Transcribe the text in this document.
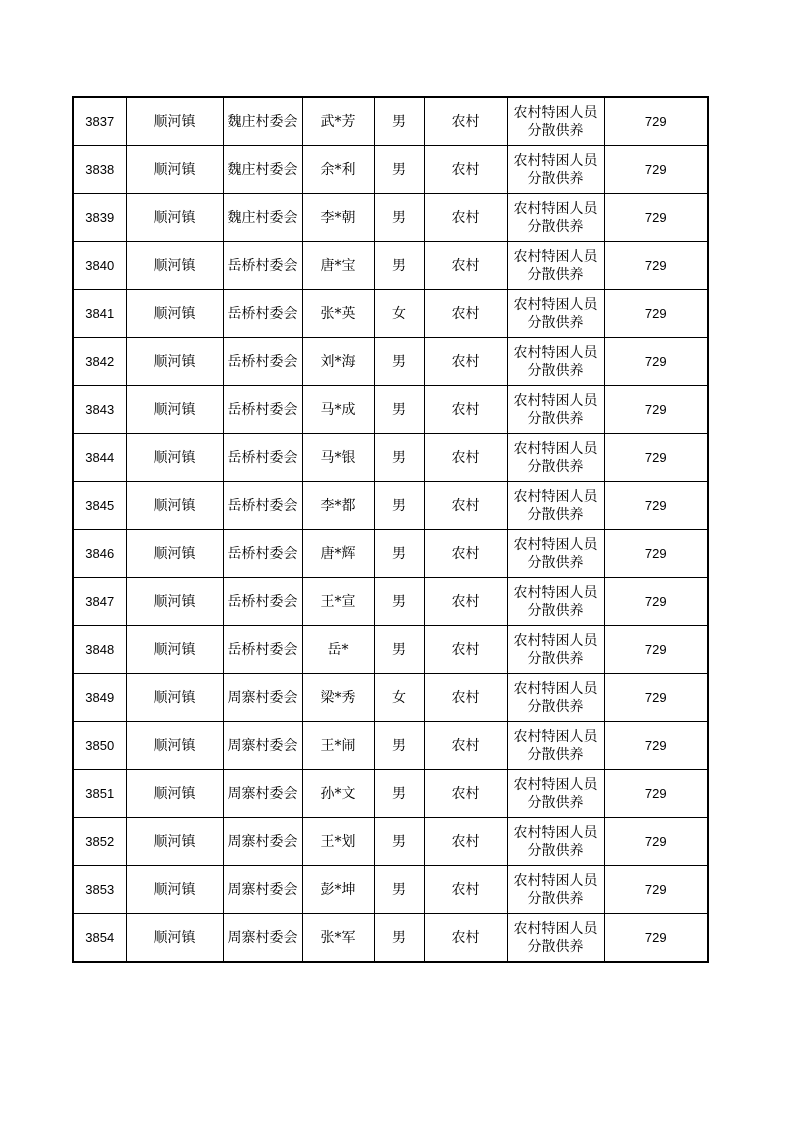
3837	顺河镇	魏庄村委会	武*芳	男	农村	农村特困人员分散供养	729
3838	顺河镇	魏庄村委会	余*利	男	农村	农村特困人员分散供养	729
3839	顺河镇	魏庄村委会	李*朝	男	农村	农村特困人员分散供养	729
3840	顺河镇	岳桥村委会	唐*宝	男	农村	农村特困人员分散供养	729
3841	顺河镇	岳桥村委会	张*英	女	农村	农村特困人员分散供养	729
3842	顺河镇	岳桥村委会	刘*海	男	农村	农村特困人员分散供养	729
3843	顺河镇	岳桥村委会	马*成	男	农村	农村特困人员分散供养	729
3844	顺河镇	岳桥村委会	马*银	男	农村	农村特困人员分散供养	729
3845	顺河镇	岳桥村委会	李*都	男	农村	农村特困人员分散供养	729
3846	顺河镇	岳桥村委会	唐*辉	男	农村	农村特困人员分散供养	729
3847	顺河镇	岳桥村委会	王*宣	男	农村	农村特困人员分散供养	729
3848	顺河镇	岳桥村委会	岳*	男	农村	农村特困人员分散供养	729
3849	顺河镇	周寨村委会	梁*秀	女	农村	农村特困人员分散供养	729
3850	顺河镇	周寨村委会	王*闹	男	农村	农村特困人员分散供养	729
3851	顺河镇	周寨村委会	孙*文	男	农村	农村特困人员分散供养	729
3852	顺河镇	周寨村委会	王*划	男	农村	农村特困人员分散供养	729
3853	顺河镇	周寨村委会	彭*坤	男	农村	农村特困人员分散供养	729
3854	顺河镇	周寨村委会	张*军	男	农村	农村特困人员分散供养	729
